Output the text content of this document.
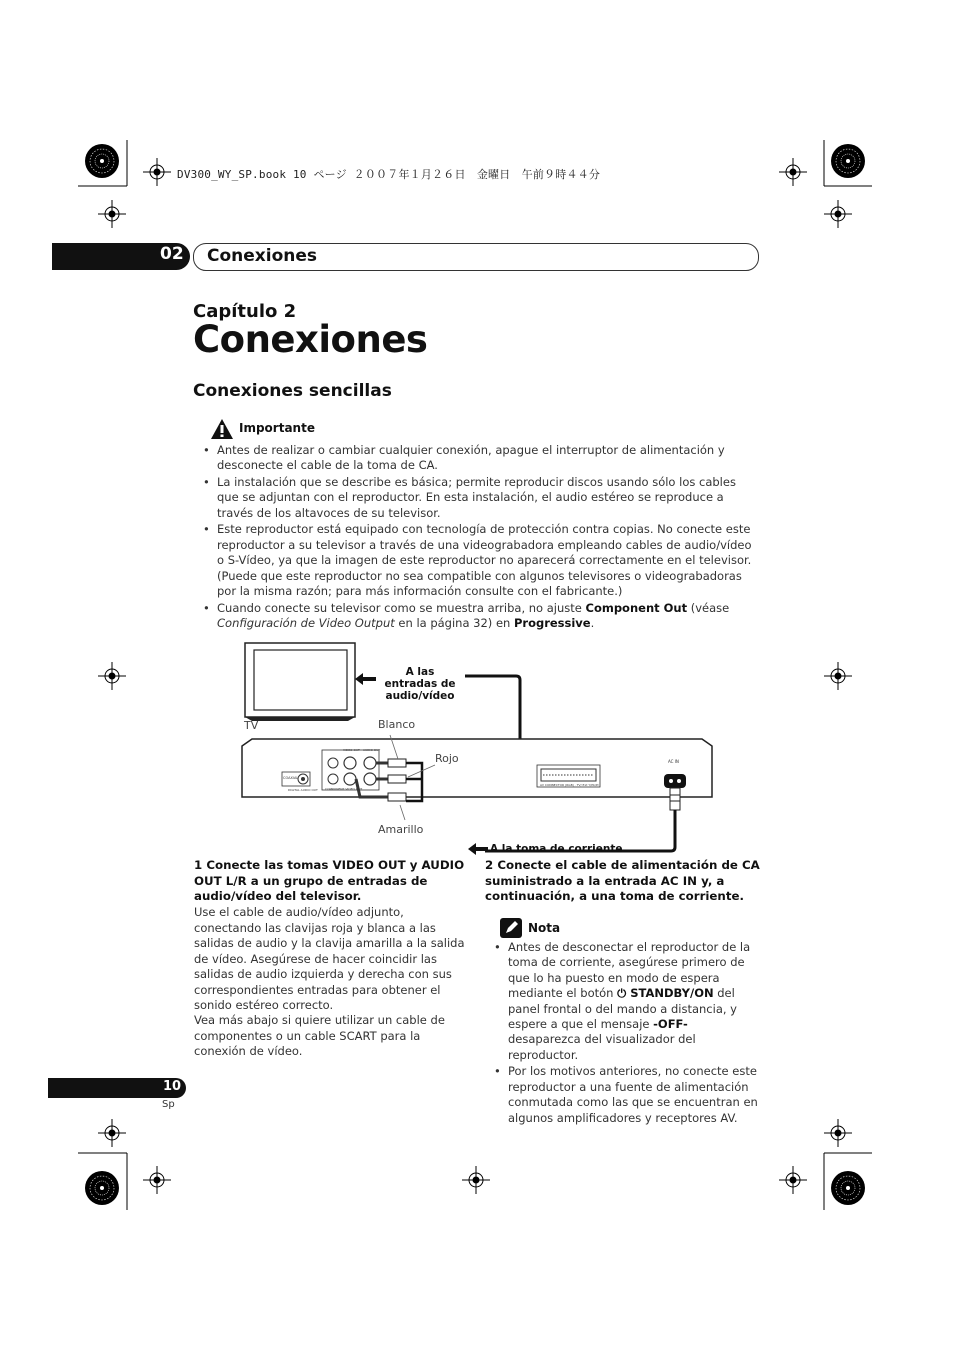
DV300_WY_SP.book 10 ページ ２００７年１月２６日　金曜日　午前９時４４分
02 Conexiones
Capítulo 2
Conexiones
Conexiones sencillas
Importante
• Antes de realizar o cambiar cualquier conexión, apague el interruptor de alimentación y desconecte el cable de la toma de CA.
• La instalación que se describe es básica; permite reproducir discos usando sólo los cables que se adjuntan con el reproductor. En esta instalación, el audio estéreo se reproduce a través de los altavoces de su televisor.
• Este reproductor está equipado con tecnología de protección contra copias. No conecte este reproductor a su televisor a través de una videograbadora empleando cables de audio/vídeo o S-Vídeo, ya que la imagen de este reproductor no aparecerá correctamente en el televisor. (Puede que este reproductor no sea compatible con algunos televisores o videograbadoras por la misma razón; para más información consulte con el fabricante.)
• Cuando conecte su televisor como se muestra arriba, no ajuste Component Out (véase Configuración de Video Output en la página 32) en Progressive.
A las entradas de audio/vídeo
TV	Blanco
Rojo
Amarillo
A la toma de corriente
COAXIAL
DIGITAL AUDIO OUT
VIDEO OUT AUDIO OUT
COMPONENT VIDEO OUT
AV CONNECTOR (RGB) · TV/ Ext Y/Pb/Pr
AC IN
1 Conecte las tomas VIDEO OUT y AUDIO OUT L/R a un grupo de entradas de audio/vídeo del televisor.
Use el cable de audio/vídeo adjunto, conectando las clavijas roja y blanca a las salidas de audio y la clavija amarilla a la salida de vídeo. Asegúrese de hacer coincidir las salidas de audio izquierda y derecha con sus correspondientes entradas para obtener el sonido estéreo correcto.
Vea más abajo si quiere utilizar un cable de componentes o un cable SCART para la conexión de vídeo.
2 Conecte el cable de alimentación de CA suministrado a la entrada AC IN y, a continuación, a una toma de corriente.
Nota
• Antes de desconectar el reproductor de la toma de corriente, asegúrese primero de que lo ha puesto en modo de espera mediante el botón ⏻ STANDBY/ON del panel frontal o del mando a distancia, y espere a que el mensaje -OFF- desaparezca del visualizador del reproductor.
• Por los motivos anteriores, no conecte este reproductor a una fuente de alimentación conmutada como las que se encuentran en algunos amplificadores y receptores AV.
10
Sp
